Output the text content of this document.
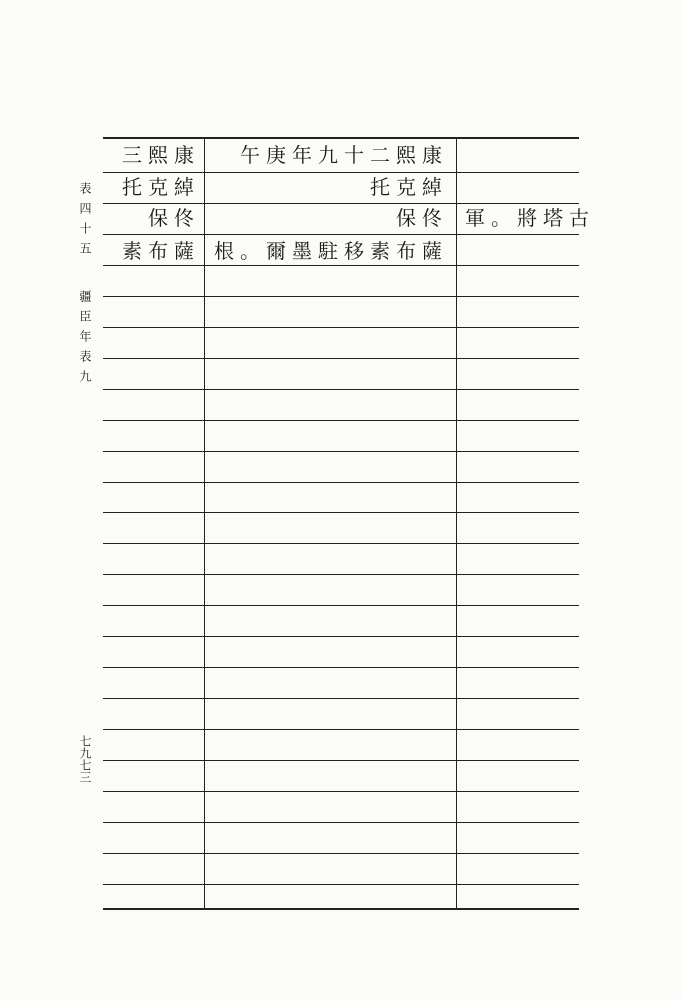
表四十五
疆臣年表九
七九七三
三熙康
托克綽
保佟
素布薩
午庚年九十二熙康
托克綽
保佟
根。爾墨駐移素布薩
軍。將塔古
